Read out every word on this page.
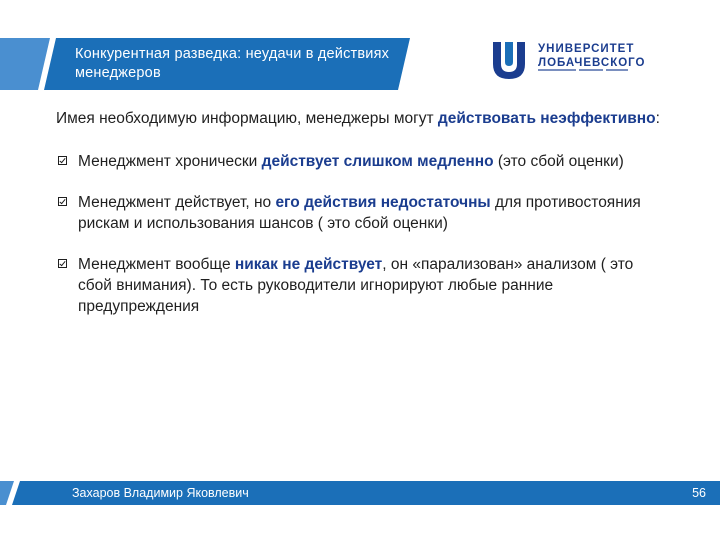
Конкурентная разведка: неудачи в действиях менеджеров
УНИВЕРСИТЕТ
ЛОБАЧЕВСКОГО

Имея необходимую информацию, менеджеры могут действовать неэффективно:

Менеджмент хронически действует слишком медленно (это сбой оценки)
Менеджмент действует, но его действия недостаточны для противостояния рискам и использования шансов ( это сбой оценки)
Менеджмент вообще никак не действует, он «парализован» анализом ( это сбой внимания). То есть руководители игнорируют любые ранние предупреждения
Захаров Владимир Яковлевич	56
